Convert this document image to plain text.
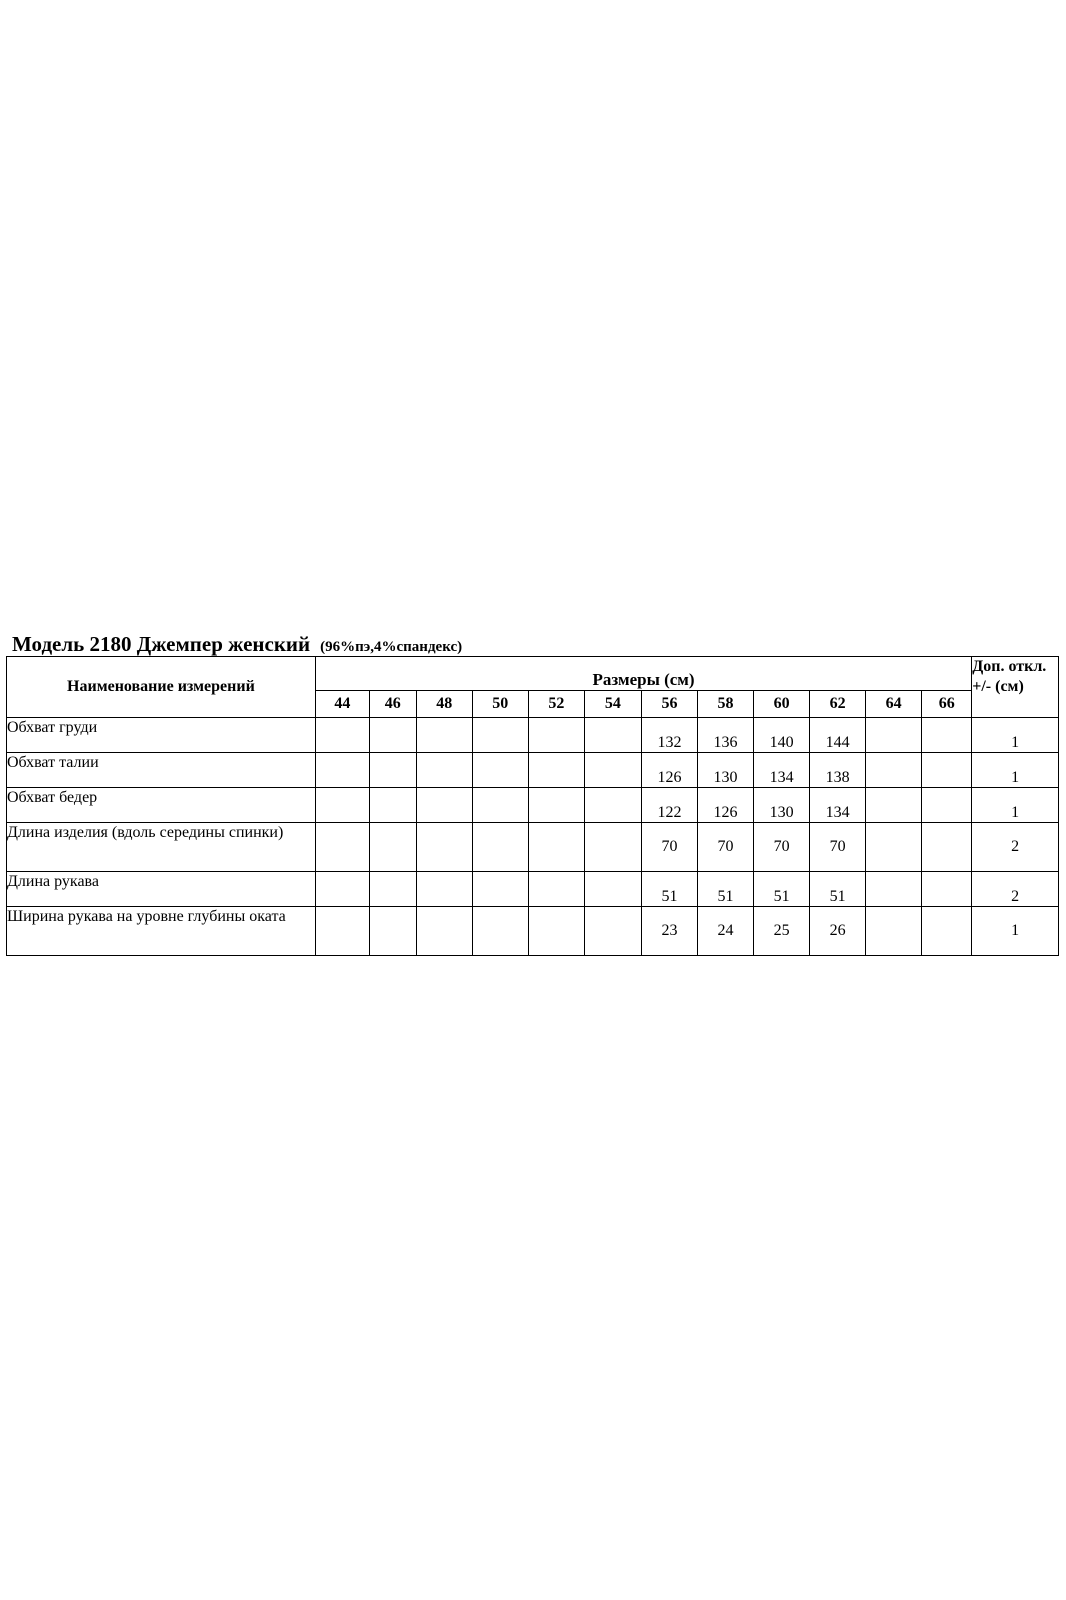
Модель 2180 Джемпер женский (96%пэ,4%спандекс)
Наименование измерений	Размеры (см)												Доп. откл. +/- (см)
	44	46	48	50	52	54	56	58	60	62	64	66	
Обхват груди							132	136	140	144			1
Обхват талии							126	130	134	138			1
Обхват бедер							122	126	130	134			1
Длина изделия (вдоль середины спинки)							70	70	70	70			2
Длина рукава							51	51	51	51			2
Ширина рукава на уровне глубины оката							23	24	25	26			1
